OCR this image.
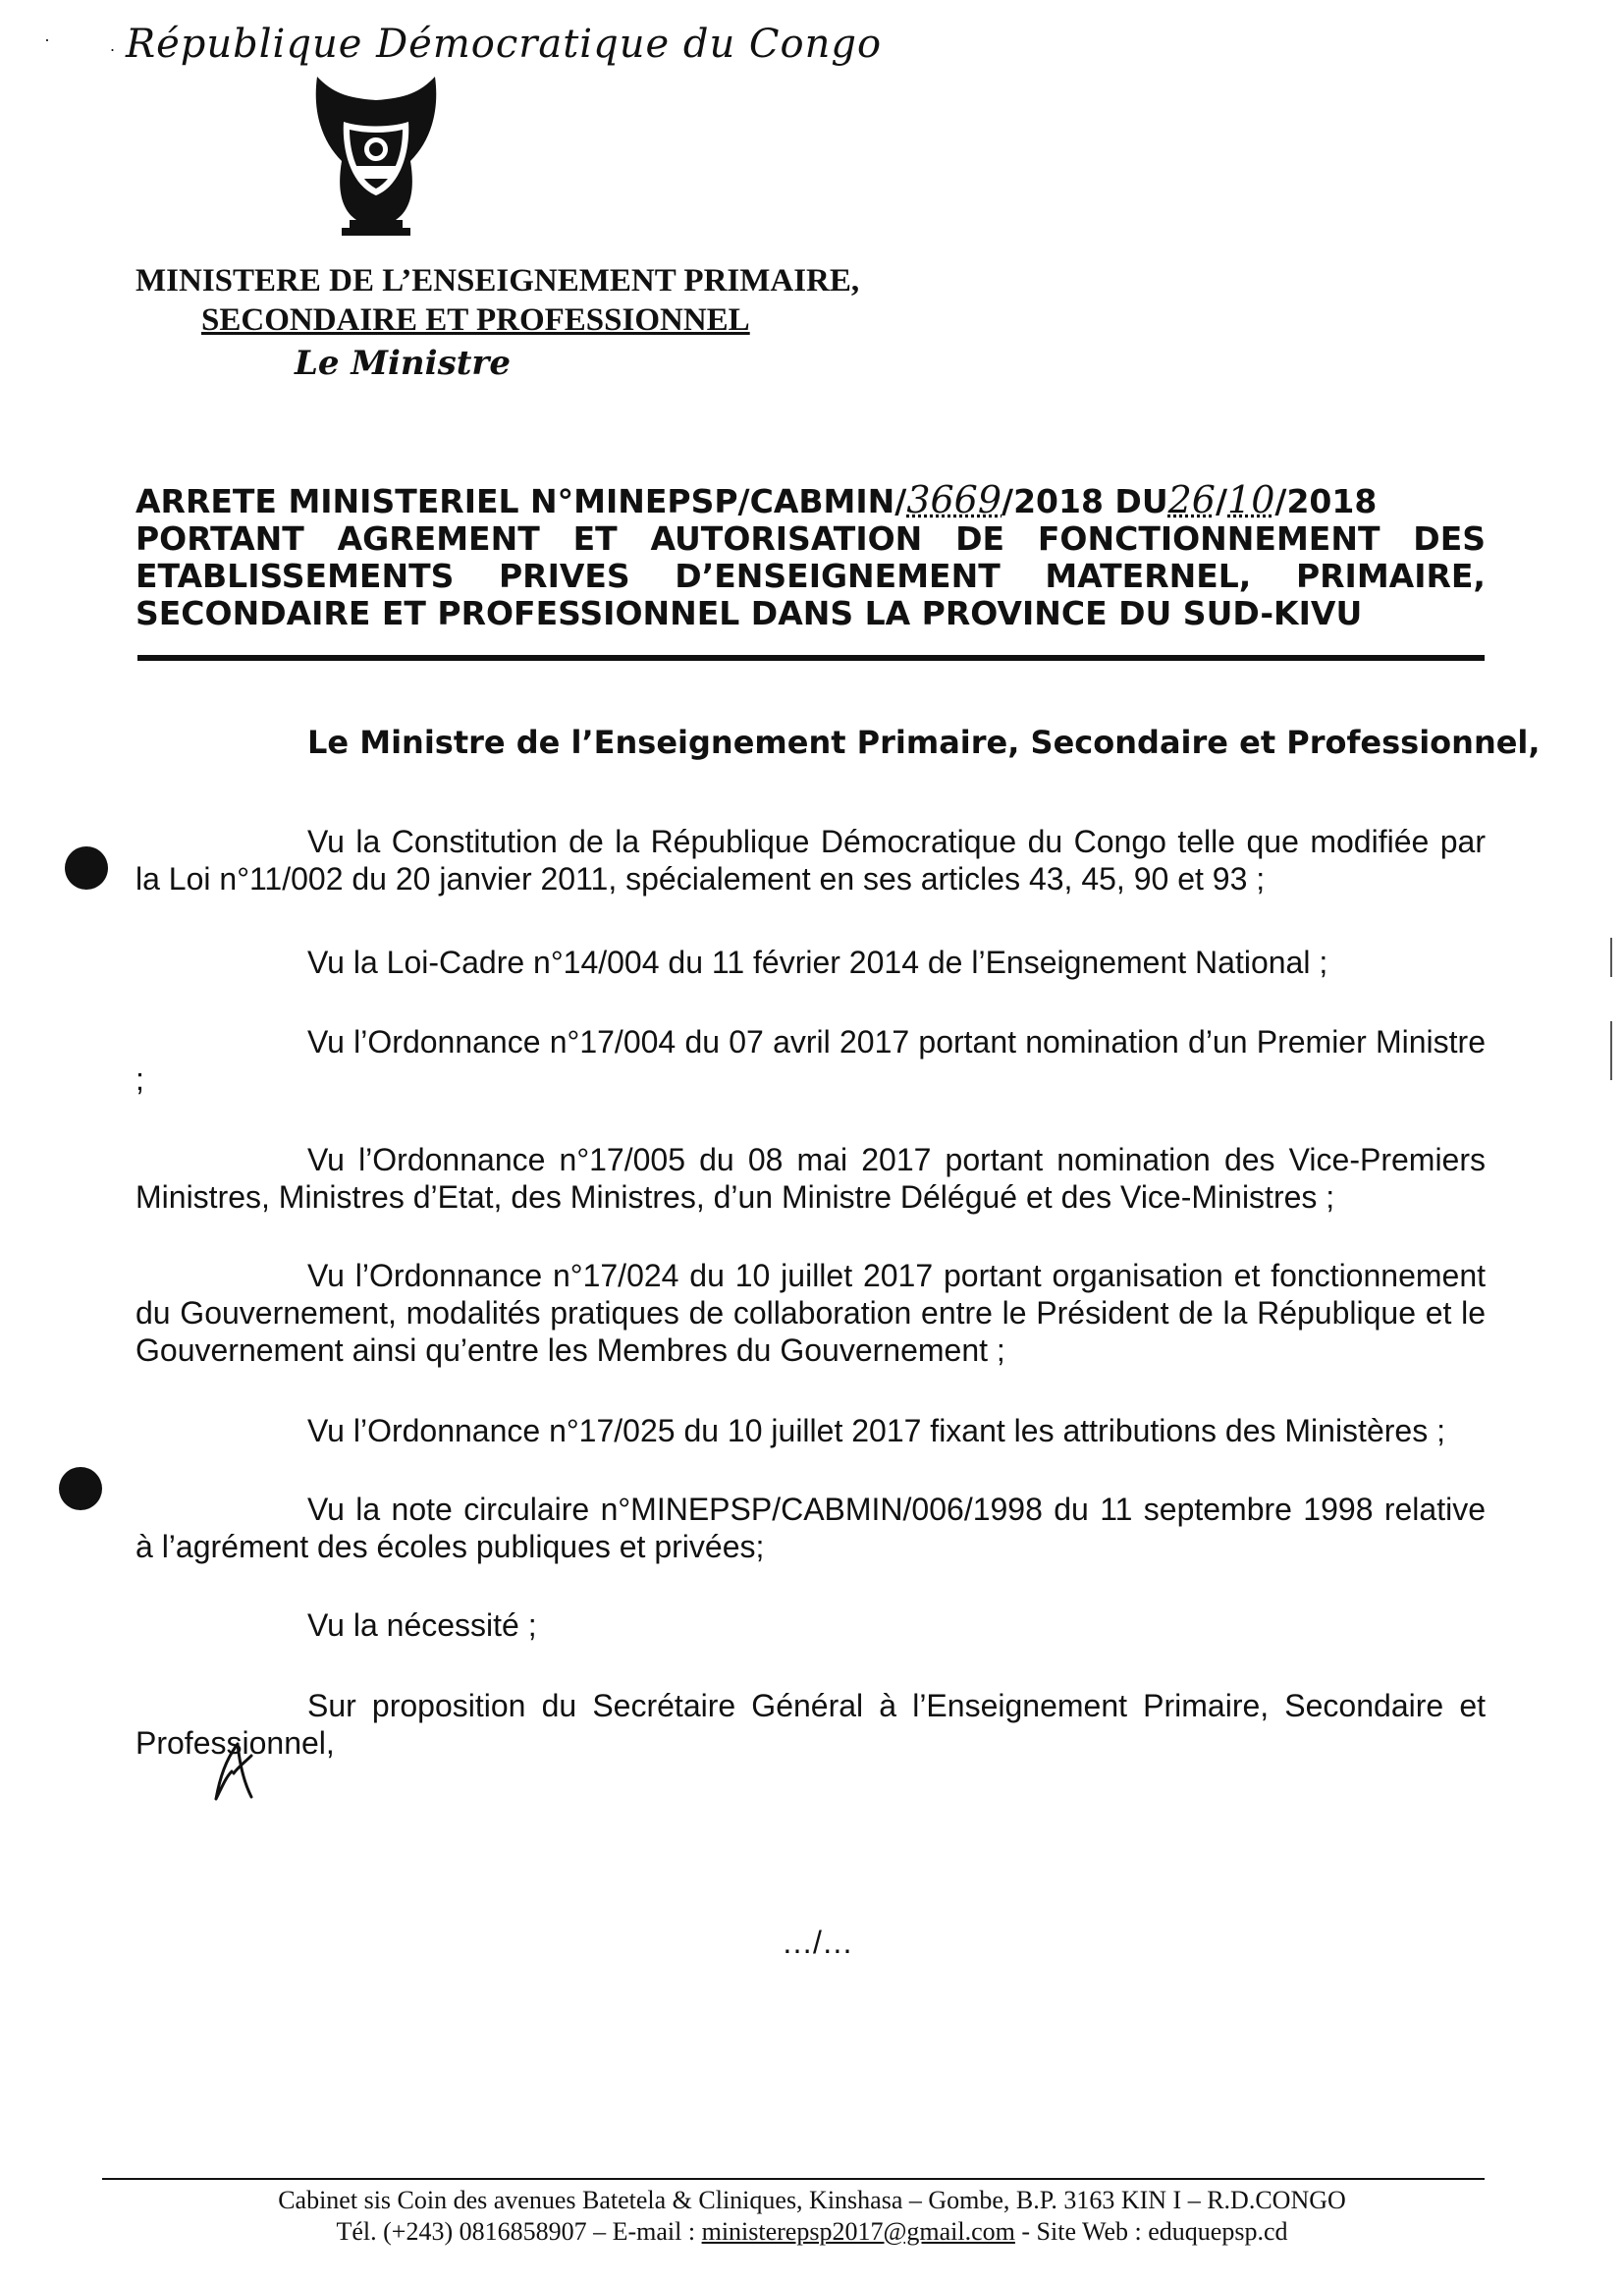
·	. République Démocratique du Congo
MINISTERE DE L’ENSEIGNEMENT PRIMAIRE,
SECONDAIRE ET PROFESSIONNEL
Le Ministre
ARRETE MINISTERIEL N°MINEPSP/CABMIN/3669/2018 DU26/10/2018
PORTANT AGREMENT ET AUTORISATION DE FONCTIONNEMENT DES
ETABLISSEMENTS PRIVES D’ENSEIGNEMENT MATERNEL, PRIMAIRE,
SECONDAIRE ET PROFESSIONNEL DANS LA PROVINCE DU SUD-KIVU
Le Ministre de l’Enseignement Primaire, Secondaire et Professionnel,
Vu la Constitution de la République Démocratique du Congo telle que modifiée par la Loi n°11/002 du 20 janvier 2011, spécialement en ses articles 43, 45, 90 et 93 ;
Vu la Loi-Cadre n°14/004 du 11 février 2014 de l’Enseignement National ;
Vu l’Ordonnance n°17/004 du 07 avril 2017 portant nomination d’un Premier Ministre ;
Vu l’Ordonnance n°17/005 du 08 mai 2017 portant nomination des Vice-Premiers Ministres, Ministres d’Etat, des Ministres, d’un Ministre Délégué et des Vice-Ministres ;
Vu l’Ordonnance n°17/024 du 10 juillet 2017 portant organisation et fonctionnement du Gouvernement, modalités pratiques de collaboration entre le Président de la République et le Gouvernement ainsi qu’entre les Membres du Gouvernement ;
Vu l’Ordonnance n°17/025 du 10 juillet 2017 fixant les attributions des Ministères ;
Vu la note circulaire n°MINEPSP/CABMIN/006/1998 du 11 septembre 1998 relative à l’agrément des écoles publiques et privées;
Vu la nécessité ;
Sur proposition du Secrétaire Général à l’Enseignement Primaire, Secondaire et Professionnel,
…/…
Cabinet sis Coin des avenues Batetela & Cliniques, Kinshasa – Gombe, B.P. 3163 KIN I – R.D.CONGO
Tél. (+243) 0816858907 – E-mail : ministerepsp2017@gmail.com - Site Web : eduquepsp.cd
